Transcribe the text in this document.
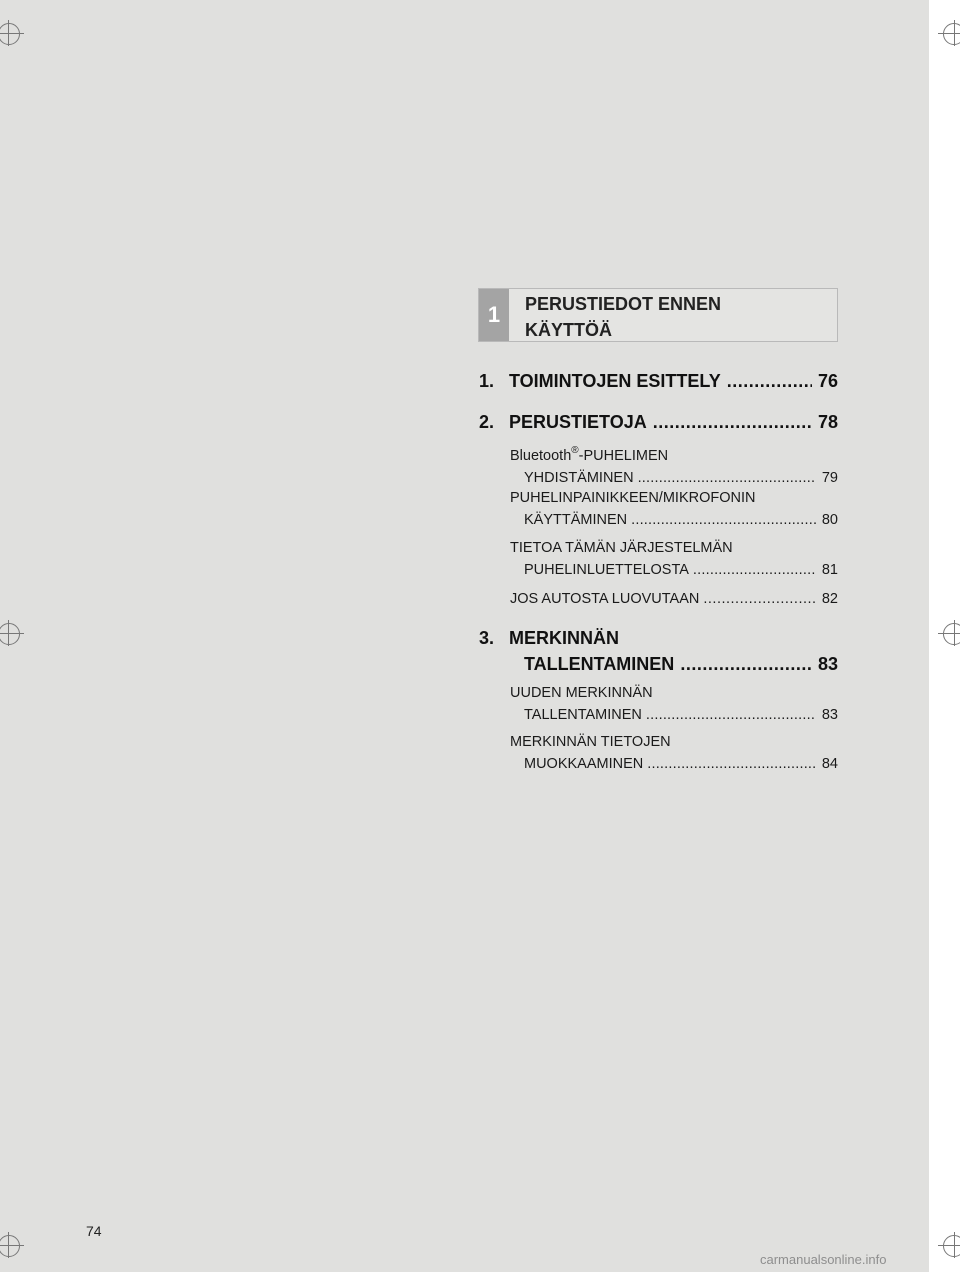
1	PERUSTIEDOT ENNEN
KÄYTTÖÄ
1. TOIMINTOJEN ESITTELY .....	76
2. PERUSTIETOJA .....	78
Bluetooth®-PUHELIMEN
YHDISTÄMINEN .....	79
PUHELINPAINIKKEEN/MIKROFONIN
KÄYTTÄMINEN .....	80
TIETOA TÄMÄN JÄRJESTELMÄN
PUHELINLUETTELOSTA .....	81
JOS AUTOSTA LUOVUTAAN .....	82
3. MERKINNÄN
TALLENTAMINEN .....	83
UUDEN MERKINNÄN
TALLENTAMINEN .....	83
MERKINNÄN TIETOJEN
MUOKKAAMINEN .....	84
74
carmanualsonline.info
